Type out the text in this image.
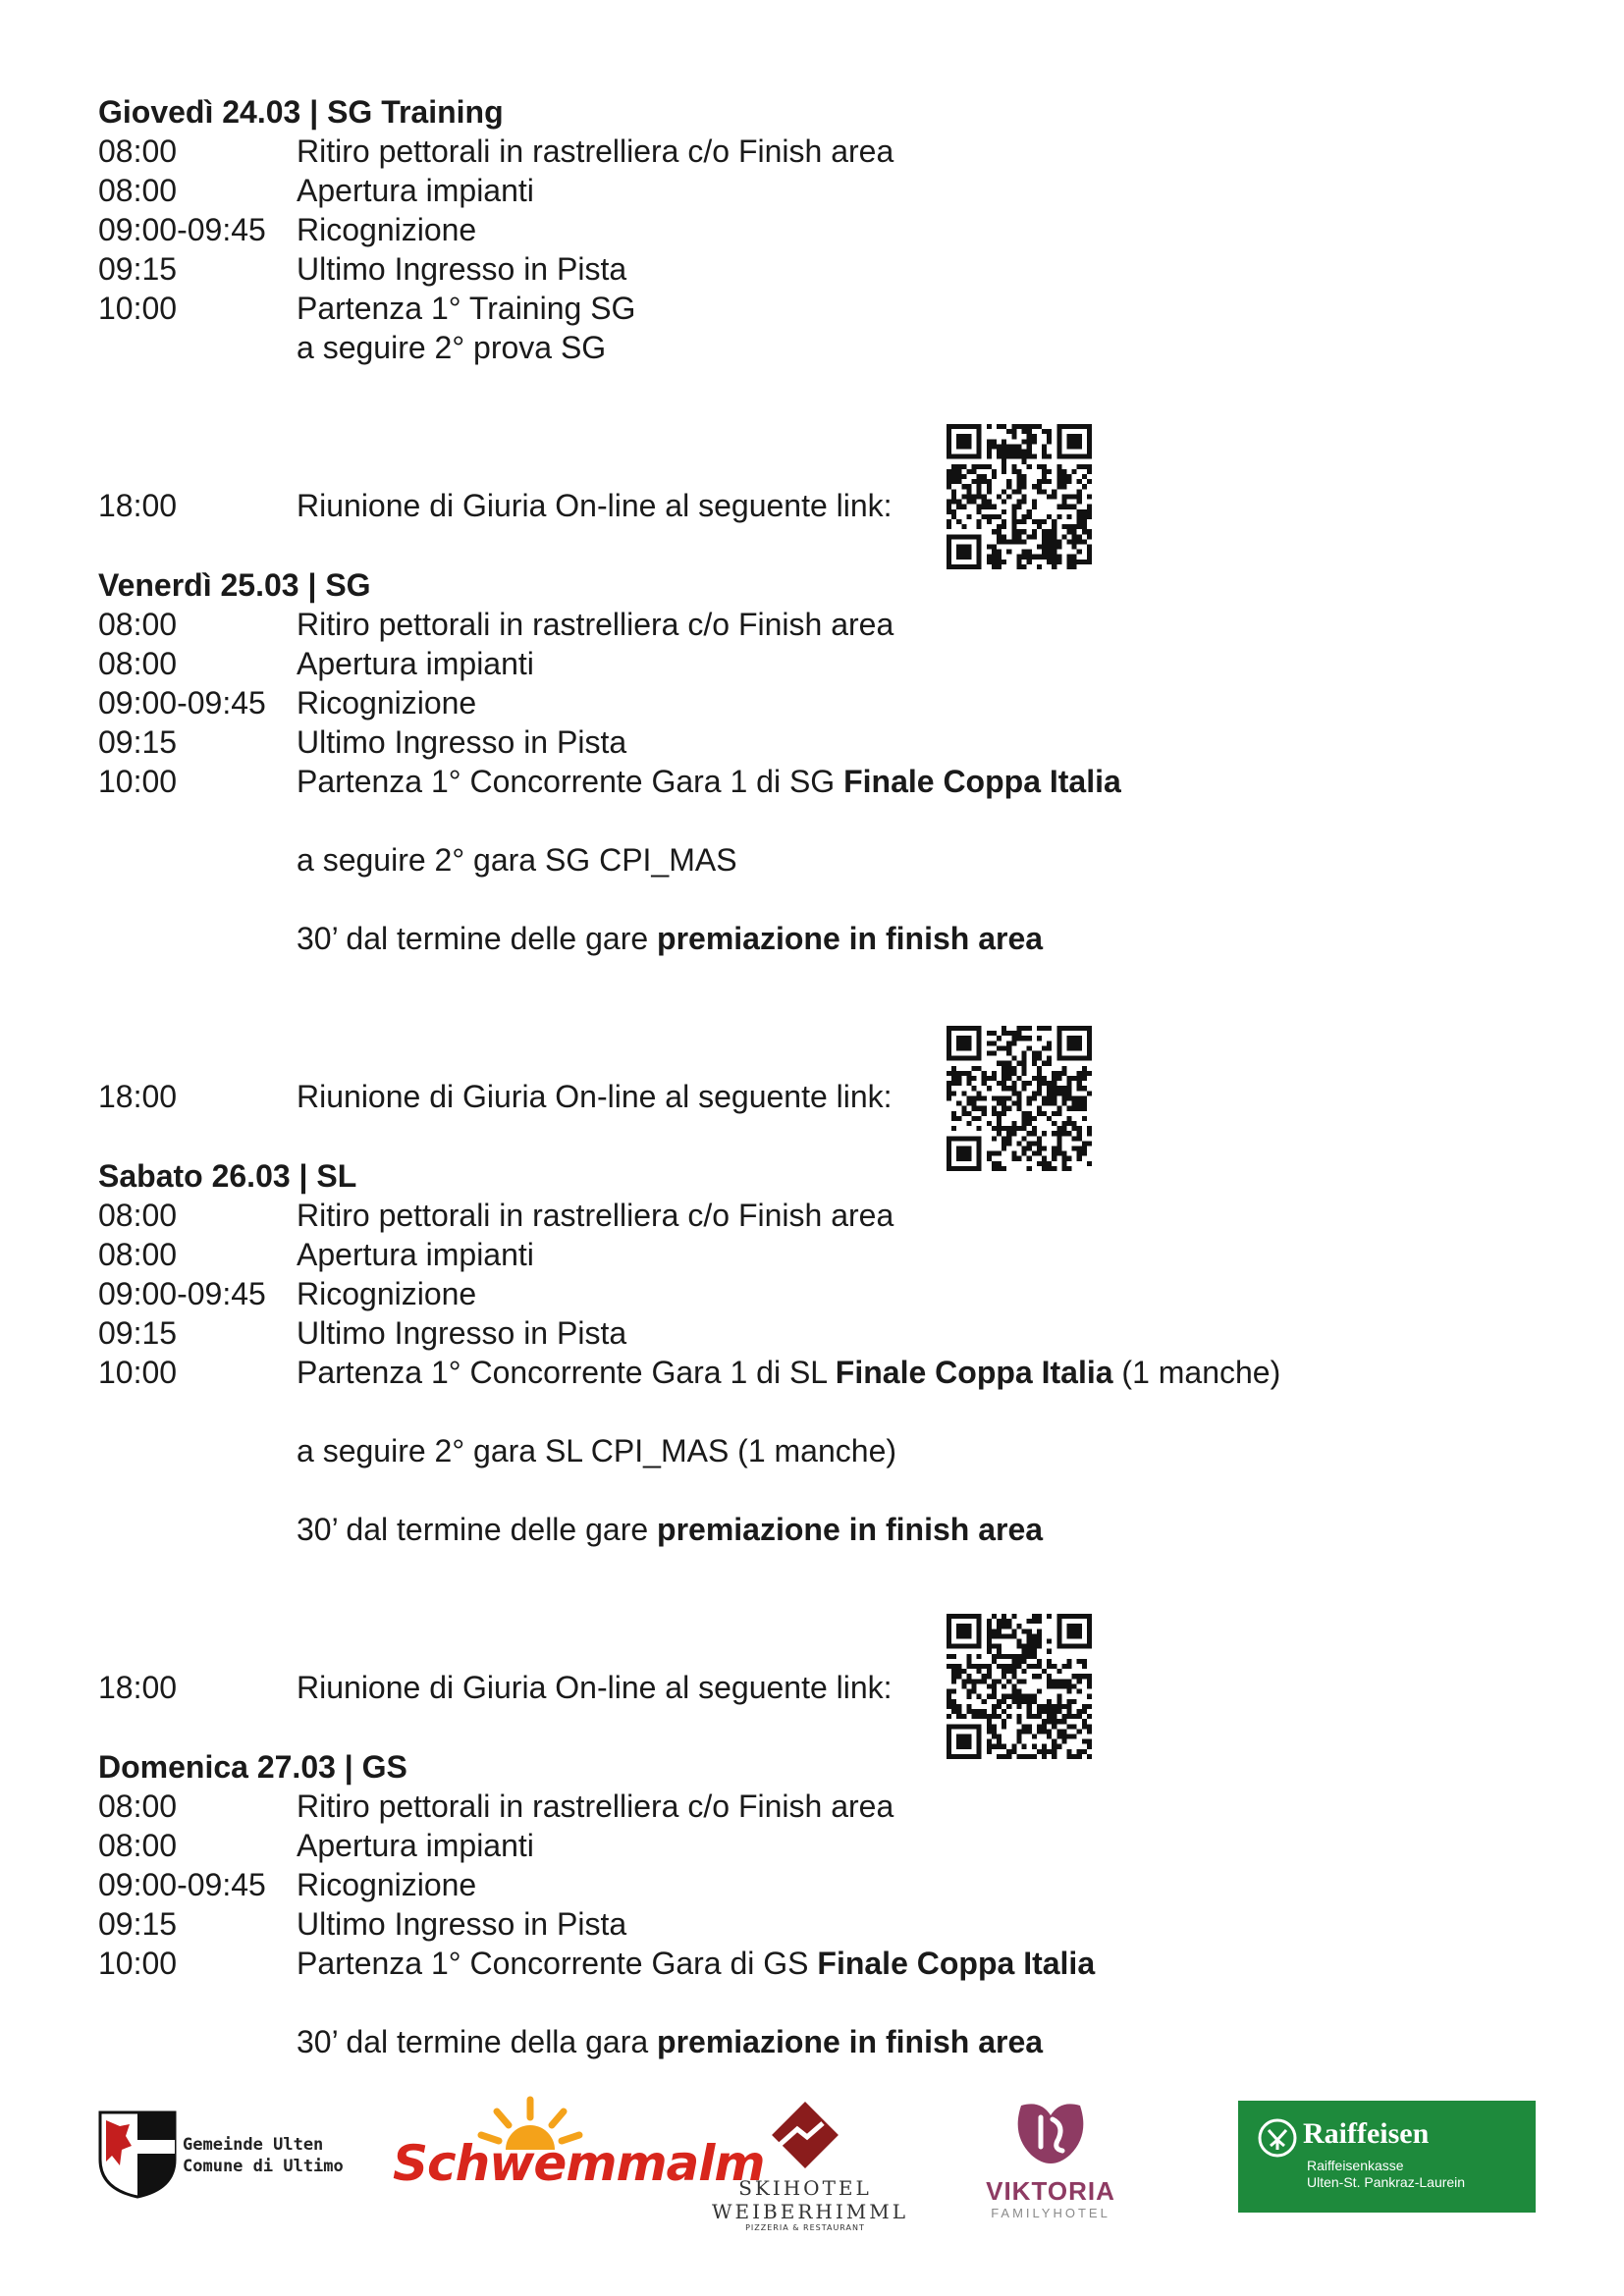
Giovedì 24.03 | SG Training
08:00	Ritiro pettorali in rastrelliera c/o Finish area
08:00	Apertura impianti
09:00-09:45 Ricognizione
09:15	Ultimo Ingresso in Pista
10:00	Partenza 1° Training SG
a seguire 2° prova SG
18:00	Riunione di Giuria On-line al seguente link:
Venerdì 25.03 | SG
08:00	Ritiro pettorali in rastrelliera c/o Finish area
08:00	Apertura impianti
09:00-09:45 Ricognizione
09:15	Ultimo Ingresso in Pista
10:00	Partenza 1° Concorrente Gara 1 di SG Finale Coppa Italia
a seguire 2° gara SG CPI_MAS
30’ dal termine delle gare premiazione in finish area
18:00	Riunione di Giuria On-line al seguente link:
Sabato 26.03 | SL
08:00	Ritiro pettorali in rastrelliera c/o Finish area
08:00	Apertura impianti
09:00-09:45 Ricognizione
09:15	Ultimo Ingresso in Pista
10:00	Partenza 1° Concorrente Gara 1 di SL Finale Coppa Italia (1 manche)
a seguire 2° gara SL CPI_MAS (1 manche)
30’ dal termine delle gare premiazione in finish area
18:00	Riunione di Giuria On-line al seguente link:
Domenica 27.03 | GS
08:00	Ritiro pettorali in rastrelliera c/o Finish area
08:00	Apertura impianti
09:00-09:45 Ricognizione
09:15	Ultimo Ingresso in Pista
10:00	Partenza 1° Concorrente Gara di GS Finale Coppa Italia
30’ dal termine della gara premiazione in finish area
Gemeinde Ulten
Comune di Ultimo Schwemmalm
SKIHOTEL
WEIBERHIMML
PIZZERIA & RESTAURANT
VIKTORIA
FAMILYHOTEL
Raiffeisen
Raiffeisenkasse
Ulten-St. Pankraz-Laurein
